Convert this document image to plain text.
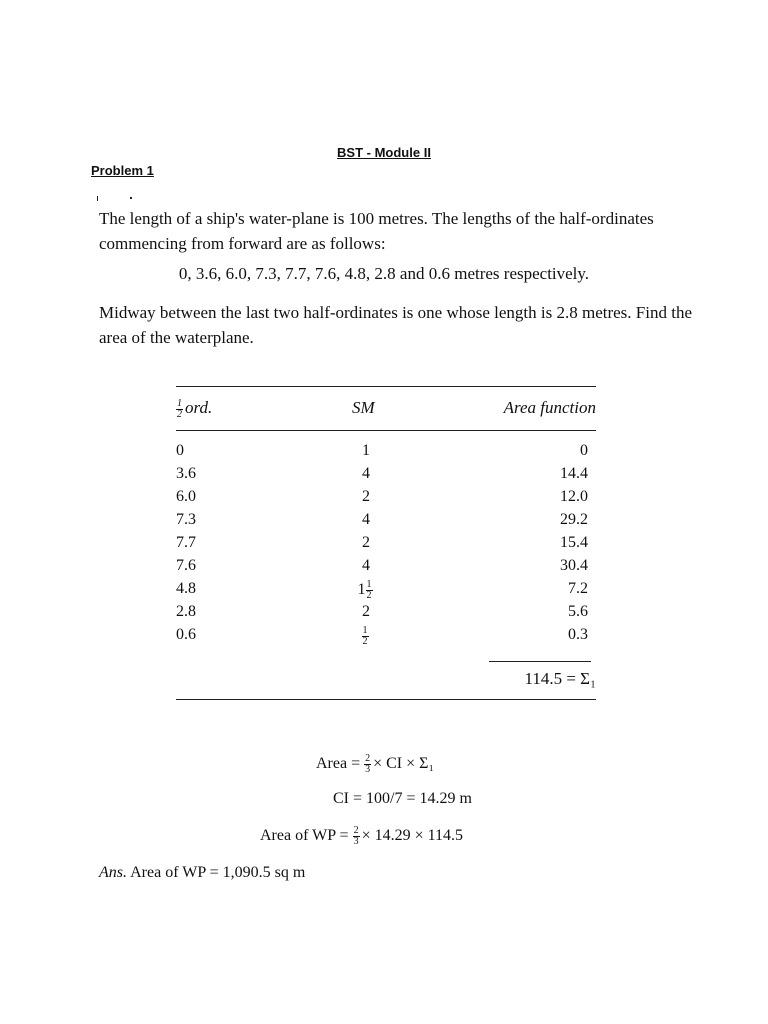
BST - Module II
Problem 1
The length of a ship's water-plane is 100 metres. The lengths of the half-ordinates commencing from forward are as follows:
0, 3.6, 6.0, 7.3, 7.7, 7.6, 4.8, 2.8 and 0.6 metres respectively.
Midway between the last two half-ordinates is one whose length is 2.8 metres. Find the area of the waterplane.
$\frac{1}{2}$ ord.	SM	Area function
0	1	0
3.6	4	14.4
6.0	2	12.0
7.3	4	29.2
7.7	2	15.4
7.6	4	30.4
4.8	$1 \frac{1}{2}$	7.2
2.8	2	5.6
0.6	$\frac{1}{2}$	0.3
114.5 = Σ₁
Area = $\frac{2}{3}$ × CI × Σ₁
CI = 100/7 = 14.29 m
Area of WP = $\frac{2}{3} \times 14.29 \times 114.5$
Ans. Area of WP = 1,090.5 sq m
